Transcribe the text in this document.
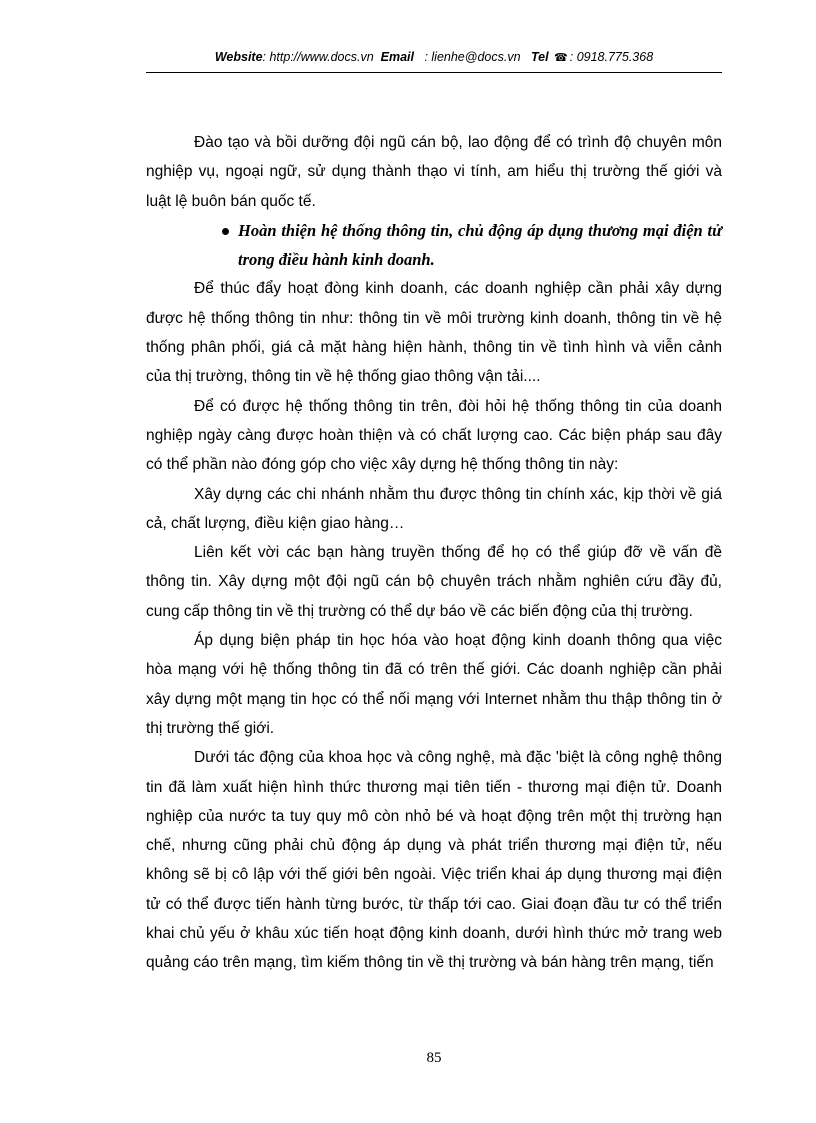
Website: http://www.docs.vn Email   : lienhe@docs.vn Tel ☎ : 0918.775.368

Đào tạo và bồi dưỡng đội ngũ cán bộ, lao động để có trình độ chuyên môn nghiệp vụ, ngoại ngữ, sử dụng thành thạo vi tính, am hiểu thị trường thế giới và luật lệ buôn bán quốc tế.

Hoàn thiện hệ thống thông tin, chủ động áp dụng thương mại điện tử trong điều hành kinh doanh.

Để thúc đẩy hoạt đòng kinh doanh, các doanh nghiệp cần phải xây dựng được hệ thống thông tin như: thông tin về môi trường kinh doanh, thông tin về hệ thống phân phối, giá cả mặt hàng hiện hành, thông tin về tình hình và viễn cảnh của thị trường, thông tin về hệ thống giao thông vận tải....

Để có được hệ thống thông tin trên, đòi hỏi hệ thống thông tin của doanh nghiệp ngày càng được hoàn thiện và có chất lượng cao. Các biện pháp sau đây có thể phần nào đóng góp cho việc xây dựng hệ thống thông tin này:

Xây dựng các chi nhánh nhằm thu được thông tin chính xác, kịp thời về giá cả, chất lượng, điều kiện giao hàng…

Liên kết vời các bạn hàng truyền thống để họ có thể giúp đỡ về vấn đề thông tin. Xây dựng một đội ngũ cán bộ chuyên trách nhằm nghiên cứu đầy đủ, cung cấp thông tin về thị trường có thể dự báo về các biến động của thị trường.

Áp dụng biện pháp tin học hóa vào hoạt động kinh doanh thông qua việc hòa mạng với hệ thống thông tin đã có trên thế giới. Các doanh nghiệp cần phải xây dựng một mạng tin học có thể nối mạng với Internet nhằm thu thập thông tin ở thị trường thế giới.

Dưới tác động của khoa học và công nghệ, mà đặc 'biệt là công nghệ thông tin đã làm xuất hiện hình thức thương mại tiên tiến - thương mại điện tử. Doanh nghiệp của nước ta tuy quy mô còn nhỏ bé và hoạt động trên một thị trường hạn chế, nhưng cũng phải chủ động áp dụng và phát triển thương mại điện tử, nếu không sẽ bị cô lập với thế giới bên ngoài. Việc triển khai áp dụng thương mại điện tử có thể được tiến hành từng bước, từ thấp tới cao. Giai đoạn đầu tư có thể triển khai chủ yếu ở khâu xúc tiến hoạt động kinh doanh, dưới hình thức mở trang web quảng cáo trên mạng, tìm kiếm thông tin về thị trường và bán hàng trên mạng, tiến

85
